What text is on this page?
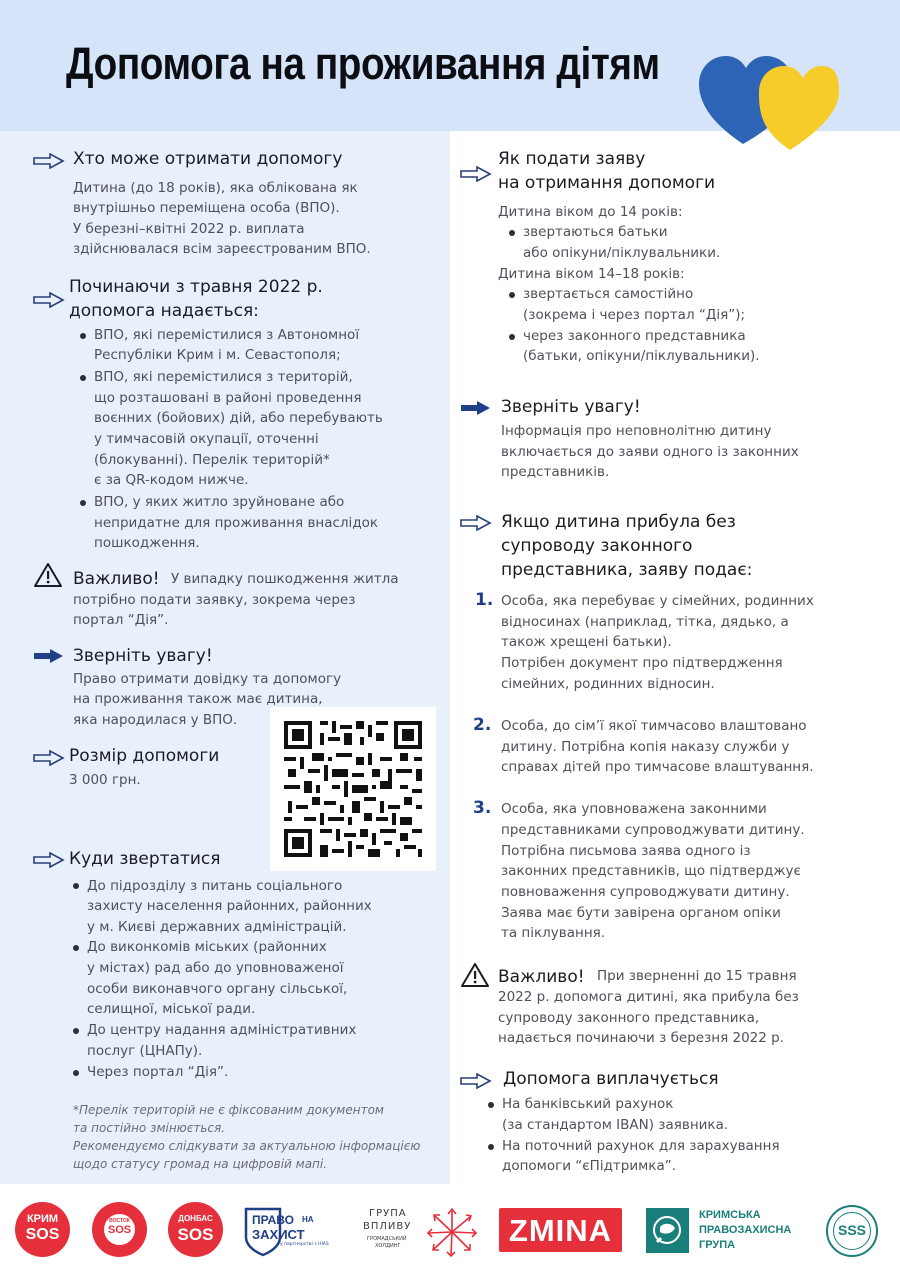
Допомога на проживання дітям
Хто може отримати допомогу
Дитина (до 18 років), яка облікована як
внутрішньо переміщена особа (ВПО).
У березні–квітні 2022 р. виплата
здійснювалася всім зареєстрованим ВПО.
Починаючи з травня 2022 р.
допомога надається:
ВПО, які перемістилися з Автономної
Республіки Крим і м. Севастополя;
ВПО, які перемістилися з територій,
що розташовані в районі проведення
воєнних (бойових) дій, або перебувають
у тимчасовій окупації, оточенні
(блокуванні). Перелік територій*
є за QR-кодом нижче.
ВПО, у яких житло зруйноване або
непридатне для проживання внаслідок
пошкодження.
Важливо! У випадку пошкодження житла
потрібно подати заявку, зокрема через
портал “Дія”.
Зверніть увагу!
Право отримати довідку та допомогу
на проживання також має дитина,
яка народилася у ВПО.
Розмір допомоги
3 000 грн.
Куди звертатися
До підрозділу з питань соціального
захисту населення районних, районних
у м. Києві державних адміністрацій.
До виконкомів міських (районних
у містах) рад або до уповноваженої
особи виконавчого органу сільської,
селищної, міської ради.
До центру надання адміністративних
послуг (ЦНАПу).
Через портал “Дія”.
*Перелік територій не є фіксованим документом
та постійно змінюється.
Рекомендуємо слідкувати за актуальною інформацією
щодо статусу громад на цифровій мапі.
Як подати заяву
на отримання допомоги
Дитина віком до 14 років:
звертаються батьки
або опікуни/піклувальники.
Дитина віком 14–18 років:
звертається самостійно
(зокрема і через портал “Дія”);
через законного представника
(батьки, опікуни/піклувальники).
Зверніть увагу!
Інформація про неповнолітню дитину
включається до заяви одного із законних
представників.
Якщо дитина прибула без
супроводу законного
представника, заяву подає:
1. Особа, яка перебуває у сімейних, родинних
відносинах (наприклад, тітка, дядько, а
також хрещені батьки).
Потрібен документ про підтвердження
сімейних, родинних відносин.
2. Особа, до сім’ї якої тимчасово влаштовано
дитину. Потрібна копія наказу служби у
справах дітей про тимчасове влаштування.
3. Особа, яка уповноважена законними
представниками супроводжувати дитину.
Потрібна письмова заява одного із
законних представників, що підтверджує
повноваження супроводжувати дитину.
Заява має бути завірена органом опіки
та піклування.
Важливо! При зверненні до 15 травня
2022 р. допомога дитині, яка прибула без
супроводу законного представника,
надається починаючи з березня 2022 р.
Допомога виплачується
На банківський рахунок
(за стандартом IBAN) заявника.
На поточний рахунок для зарахування
допомоги “єПідтримка”.
КРИМ
SOS
ВОСТОК
SOS
ДОНБАС
SOS
ПРАВО НА
ЗАХИСТ
у партнерстві з HIAS
ГРУПА
ВПЛИВУ
ГРОМАДСЬКИЙ
ХОЛДИНГ	ZMINA	КРИМСЬКА
ПРАВОЗАХИСНА
ГРУПА
SSS
